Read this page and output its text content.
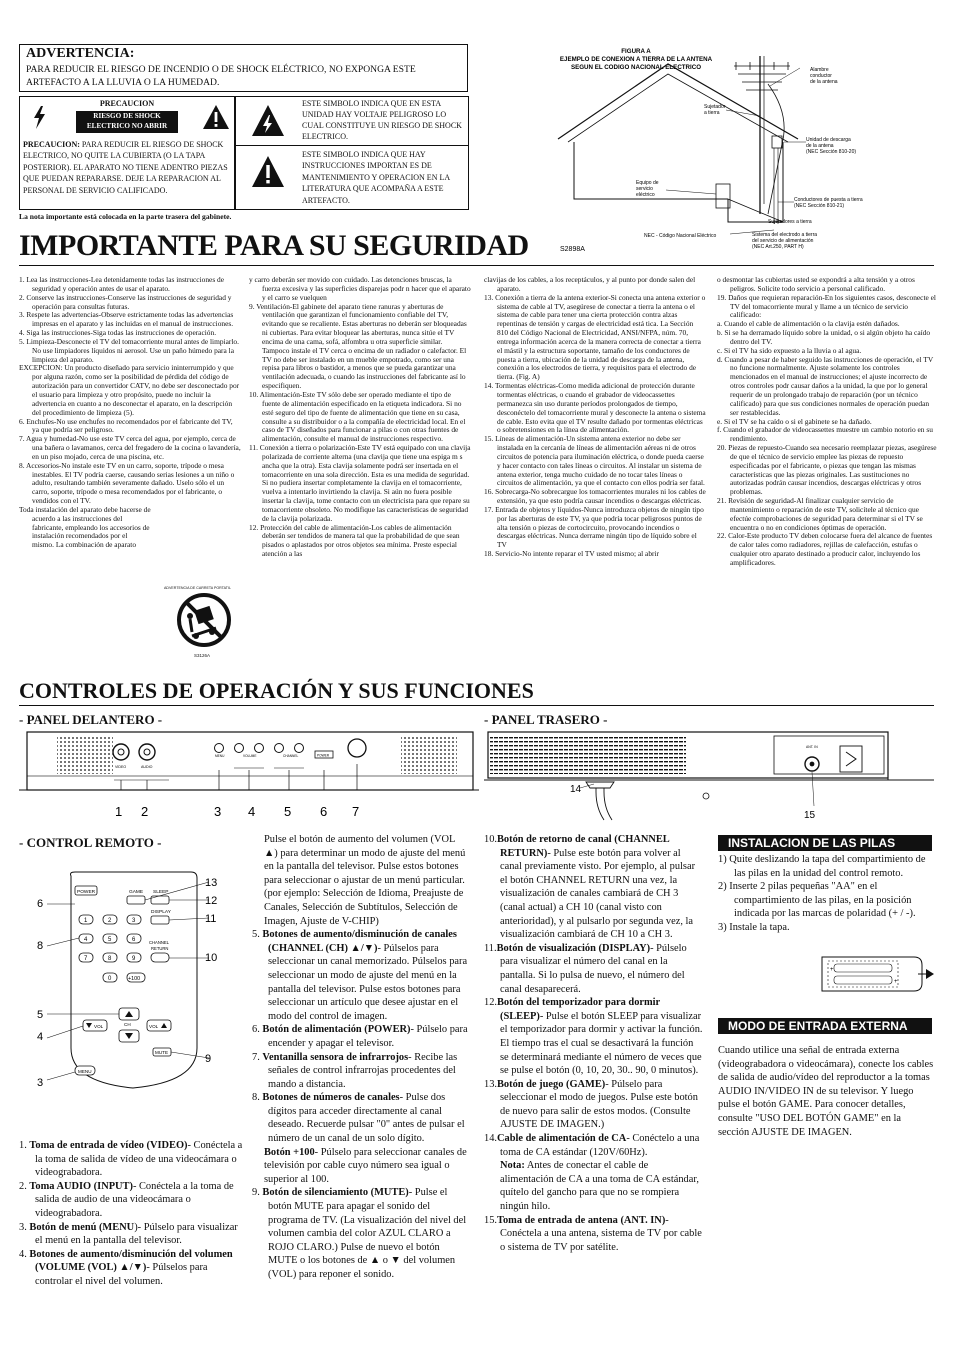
ADVERTENCIA:
PARA REDUCIR EL RIESGO DE INCENDIO O DE SHOCK ELÉCTRICO, NO EXPONGA ESTE ARTEFACTO A LA LLUVIA O LA HUMEDAD.
PRECAUCION
RIESGO DE SHOCK
ELECTRICO NO ABRIR
PRECAUCION: PARA REDUCIR EL RIESGO DE SHOCK ELECTRICO, NO QUITE LA CUBIERTA (O LA TAPA POSTERIOR). EL APARATO NO TIENE ADENTRO PIEZAS QUE PUEDAN REPARARSE. DEJE LA REPARACION AL PERSONAL DE SERVICIO CALIFICADO.
ESTE SIMBOLO INDICA QUE EN ESTA UNIDAD HAY VOLTAJE PELIGROSO LO CUAL CONSTITUYE UN RIESGO DE SHOCK ELECTRICO.
ESTE SIMBOLO INDICA QUE HAY INSTRUCCIONES IMPORTAN ES DE MANTENIMIENTO Y OPERACION EN LA LITERATURA QUE ACOMPAÑA A ESTE ARTEFACTO.
La nota importante está colocada en la parte trasera del gabinete.
FIGURA A
EJEMPLO DE CONEXION A TIERRA DE LA ANTENA
SEGUN EL CODIGO NACIONAL ELECTRICO	Alambre
conductor
de la antena
Sujetador
a tierra
Unidad de descarga
de la antena
(NEC Sección 810-20)
Equipo de
servicio
eléctrico
Conductores de puesta a tierra
(NEC Sección 810-21)
Sujetadores a tierra
NEC - Código Nacional Eléctrico	Sistema del electrodo a tierra
del servicio de alimentación
(NEC Art.250, PART H)
S2898A
IMPORTANTE PARA SU SEGURIDAD
1. Lea las instrucciones-Lea detenidamente todas las instrucciones de seguridad y operación antes de usar el aparato.
2. Conserve las instrucciones-Conserve las instrucciones de seguridad y operación para consultas futuras.
3. Respete las advertencias-Observe estrictamente todas las advertencias impresas en el aparato y las incluidas en el manual de instrucciones.
4. Siga las instrucciones-Siga todas las instrucciones de operación.
5. Limpieza-Desconecte el TV del tomacorriente mural antes de limpiarlo. No use limpiadores líquidos ni aerosol. Use un paño húmedo para la limpieza del aparato.
EXCEPCION: Un producto diseñado para servicio ininterrumpido y que por alguna razón, como ser la posibilidad de pérdida del código de autorización para un convertidor CATV, no debe ser desconectado por el usuario para limpieza y otro propósito, puede no incluir la advertencia en cuanto a no desconectar el aparato, en la descripción del procedimiento de limpieza (5).
6. Enchufes-No use enchufes no recomendados por el fabricante del TV, ya que podría ser peligroso.
7. Agua y humedad-No use este TV cerca del agua, por ejemplo, cerca de una bañera o lavamanos, cerca del fregadero de la cocina o lavandería, en un piso mojado, cerca de una piscina, etc.
8. Accesorios-No instale este TV en un carro, soporte, trípode o mesa inestables. El TV podría caerse, causando serias lesiones a un niño o adulto, resultando también severamente dañado. Uselo sólo el un carro, soporte, trípode o mesa recomendados por el fabricante, o vendidos con el TV.
Toda instalación del aparato debe hacerse de acuerdo a las instrucciones del fabricante, empleando los accesorios de instalación recomendados por el mismo. La combinación de aparato
ADVERTENCIA DE CARRETA PORTATIL
S3126A
y carro deberán ser movido con cuidado. Las detenciones bruscas, la fuerza excesiva y las superficies disparejas podr n hacer que el aparato y el carro se vuelquen
9. Ventilación-El gabinete del aparato tiene ranuras y aberturas de ventilación que garantizan el funcionamiento confiable del TV, evitando que se recaliente. Estas aberturas no deberán ser bloqueadas ni cubiertas. Para evitar bloquear las aberturas, nunca sitúe el TV encima de una cama, sofá, alfombra u otra superficie similar. Tampoco instale el TV cerca o encima de un radiador o calefactor. El TV no debe ser instalado en un mueble empotrado, como ser una repisa para libros o bastidor, a menos que se pueda garantizar una ventilación adecuada, o cuando las instrucciones del fabricante así lo especifiquen.
10. Alimentación-Este TV sólo debe ser operado mediante el tipo de fuente de alimentación especificado en la etiqueta indicadora. Si no esté seguro del tipo de fuente de alimentación que tiene en su casa, consulte a su distribuidor o a la compañía de electricidad local. En el caso de TV diseñados para funcionar a pilas o con otras fuentes de alimentación, consulte el manual de instrucciones respectivo.
11. Conexión a tierra o polarización-Este TV está equipado con una clavija polarizada de corriente alterna (una clavija que tiene una espiga m s ancha que la otra). Esta clavija solamente podrá ser insertada en el tomacorriente en una sola dirección. Esta es una medida de seguridad. Si no pudiera insertar completamente la clavija en el tomacorriente, vuelva a intentarlo invirtiendo la clavija. Si aún no fuera posible insertar la clavija, tome contacto con un electricista para que repare su tomacorriente obsoleto. No modifique las características de seguridad de la clavija polarizada.
12. Protección del cable de alimentación-Los cables de alimentación deberán ser tendidos de manera tal que la probabilidad de que sean pisados o aplastados por otros objetos sea mínima. Preste especial atención a las
clavijas de los cables, a los receptáculos, y al punto por donde salen del aparato.
13. Conexión a tierra de la antena exterior-Si conecta una antena exterior o sistema de cable al TV, asegúrese de conectar a tierra la antena o el sistema de cable para tener una cierta protección contra alzas repentinas de tensión y cargas de electricidad está tica. La Sección 810 del Código Nacional de Electricidad, ANSI/NFPA, núm. 70, entrega información acerca de la manera correcta de conectar a tierra el mástil y la estructura soportante, tamaño de los conductores de puesta a tierra, ubicación de la unidad de descarga de la antena, conexión a los electrodos de tierra, y requisitos para el electrodo de tierra. (Fig. A)
14. Tormentas eléctricas-Como medida adicional de protección durante tormentas eléctricas, o cuando el grabador de videocassettes permanezca sin uso durante períodos prolongados de tiempo, desconéctelo del tomacorriente mural y desconecte la antena o sistema de cable. Esto evita que el TV resulte dañado por tormentas eléctricas o sobretensiones en la línea de alimentación.
15. Líneas de alimentación-Un sistema antena exterior no debe ser instalada en la cercanía de líneas de alimentación aéreas ni de otros circuitos de potencia para iluminación eléctrica, o donde pueda caerse y hacer contacto con tales líneas o circuitos. Al instalar un sistema de antena exterior, tenga mucho cuidado de no tocar tales líneas o circuitos de alimentación, ya que el contacto con ellos podría ser fatal.
16. Sobrecarga-No sobrecargue los tomacorrientes murales ni los cables de extensión, ya que esto podría causar incendios o descargas eléctricas.
17. Entrada de objetos y líquidos-Nunca introduzca objetos de ningún tipo por las aberturas de este TV, ya que podría tocar peligrosos puntos de alta tensión o piezas de cortocircuito, provocando incendios o descargas eléctricas. Nunca derrame ningún tipo de líquido sobre el TV
18. Servicio-No intente reparar el TV usted mismo; al abrir
o desmontar las cubiertas usted se expondrá a alta tensión y a otros peligros. Solicite todo servicio a personal calificado.
19. Daños que requieran reparación-En los siguientes casos, desconecte el TV del tomacorriente mural y llame a un técnico de servicio calificado:
a. Cuando el cable de alimentación o la clavija estén dañados.
b. Si se ha derramado líquido sobre la unidad, o si algún objeto ha caído dentro del TV.
c. Si el TV ha sido expuesto a la lluvia o al agua.
d. Cuando a pesar de haber seguido las instrucciones de operación, el TV no funcione normalmente. Ajuste solamente los controles mencionados en el manual de instrucciones; el ajuste incorrecto de otros controles podr causar daños a la unidad, la que por lo general requerir de un prolongado trabajo de reparación (por un técnico calificado) para que sus condiciones normales de operación puedan ser restablecidas.
e. Si el TV se ha caído o si el gabinete se ha dañado.
f. Cuando el grabador de videocassettes muestre un cambio notorio en su rendimiento.
20. Piezas de repuesto-Cuando sea necesario reemplazar piezas, asegúrese de que el técnico de servicio emplee las piezas de repuesto especificadas por el fabricante, o piezas que tengan las mismas características que las piezas originales. Las sustituciones no autorizadas podrán causar incendios, descargas eléctricas y otros problemas.
21. Revisión de seguridad-Al finalizar cualquier servicio de mantenimiento o reparación de este TV, solicítele al técnico que efectúe comprobaciones de seguridad para determinar si el TV se encuentra o no en condiciones óptimas de operación.
22. Calor-Este producto TV deben colocarse fuera del alcance de fuentes de calor tales como radiadores, rejillas de calefacción, estufas o cualquier otro aparato destinado a producir calor, incluyendo los amplificadores.
CONTROLES DE OPERACIÓN Y SUS FUNCIONES
- PANEL DELANTERO -	- PANEL TRASERO -
VIDEO	AUDIO
MENU	VOLUME	CHANNEL	POWER
1 2	3 4 5 6 7
ANT. IN
14
15
- CONTROL REMOTO -
POWER	GAME SLEEP
DISPLAY
1	2	3
4	5	6
7	8	9
0	+100
CHANNEL
RETURN
CH
VOL	VOL
MUTE
MENU
6
8
5
4
3
13
12
11
10
9

1. Toma de entrada de vídeo (VIDEO)- Conéctela a la toma de salida de vídeo de una videocámara o videograbadora.

2. Toma AUDIO (INPUT)- Conéctela a la toma de salida de audio de una videocámara o videograbadora.

3. Botón de menú (MENU)- Púlselo para visualizar el menú en la pantalla del televisor.

4. Botones de aumento/disminución del volumen (VOLUME (VOL) ▲/▼)- Púlselos para controlar el nivel del volumen.

Pulse el botón de aumento del volumen (VOL ▲) para determinar un modo de ajuste del menú en la pantalla del televisor. Pulse estos botones para seleccionar o ajustar de un menú particular. (por ejemplo: Selección de Idioma, Preajuste de Canales, Selección de Subtítulos, Selección de Imagen, Ajuste de V-CHIP)

5. Botones de aumento/disminución de canales (CHANNEL (CH) ▲/▼)- Púlselos para seleccionar un canal memorizado. Púlselos para seleccionar un modo de ajuste del menú en la pantalla del televisor. Pulse estos botones para seleccionar un artículo que desee ajustar en el modo del control de imagen.

6. Botón de alimentación (POWER)- Púlselo para encender y apagar el televisor.

7. Ventanilla sensora de infrarrojos- Recibe las señales de control infrarrojas procedentes del mando a distancia.

8. Botones de números de canales- Pulse dos dígitos para acceder directamente al canal deseado. Recuerde pulsar "0" antes de pulsar el número de un canal de un solo dígito.

Botón +100- Púlselo para seleccionar canales de televisión por cable cuyo número sea igual o superior al 100.

9. Botón de silenciamiento (MUTE)- Pulse el botón MUTE para apagar el sonido del programa de TV. (La visualización del nivel del volumen cambia del color AZUL CLARO a ROJO CLARO.) Pulse de nuevo el botón MUTE o los botones de ▲ o ▼ del volumen (VOL) para reponer el sonido.

10.Botón de retorno de canal (CHANNEL RETURN)- Pulse este botón para volver al canal previamente visto. Por ejemplo, al pulsar el botón CHANNEL RETURN una vez, la visualización de canales cambiará de CH 3 (canal actual) a CH 10 (canal visto con anterioridad), y al pulsarlo por segunda vez, la visualización cambiará de CH 10 a CH 3.

11.Botón de visualización (DISPLAY)- Púlselo para visualizar el número del canal en la pantalla. Si lo pulsa de nuevo, el número del canal desaparecerá.

12.Botón del temporizador para dormir (SLEEP)- Pulse el botón SLEEP para visualizar el temporizador para dormir y activar la función. El tiempo tras el cual se desactivará la función se determinará mediante el número de veces que se pulse el botón (0, 10, 20, 30.. 90, 0 minutos).

13.Botón de juego (GAME)- Púlselo para seleccionar el modo de juegos. Pulse este botón de nuevo para salir de estos modos. (Consulte AJUSTE DE IMAGEN.)

14.Cable de alimentación de CA- Conéctelo a una toma de CA estándar (120V/60Hz).

Nota: Antes de conectar el cable de alimentación de CA a una toma de CA estándar, quítelo del gancho para que no se rompiera ningún hilo.

15.Toma de entrada de antena (ANT. IN)- Conéctela a una antena, sistema de TV por cable o sistema de TV por satélite.

INSTALACION DE LAS PILAS

1) Quite deslizando la tapa del compartimiento de las pilas en la unidad del control remoto.

2) Inserte 2 pilas pequeñas "AA" en el compartimiento de las pilas, en la posición indicada por las marcas de polaridad (+ / -).

3) Instale la tapa.

+
+
MODO DE ENTRADA EXTERNA
Cuando utilice una señal de entrada externa (videograbadora o videocámara), conecte los cables de salida de audio/vídeo del reproductor a la tomas AUDIO IN/VIDEO IN de su televisor. Y luego pulse el botón GAME. Para conocer detalles, consulte "USO DEL BOTÓN GAME" en la sección AJUSTE DE IMAGEN.
